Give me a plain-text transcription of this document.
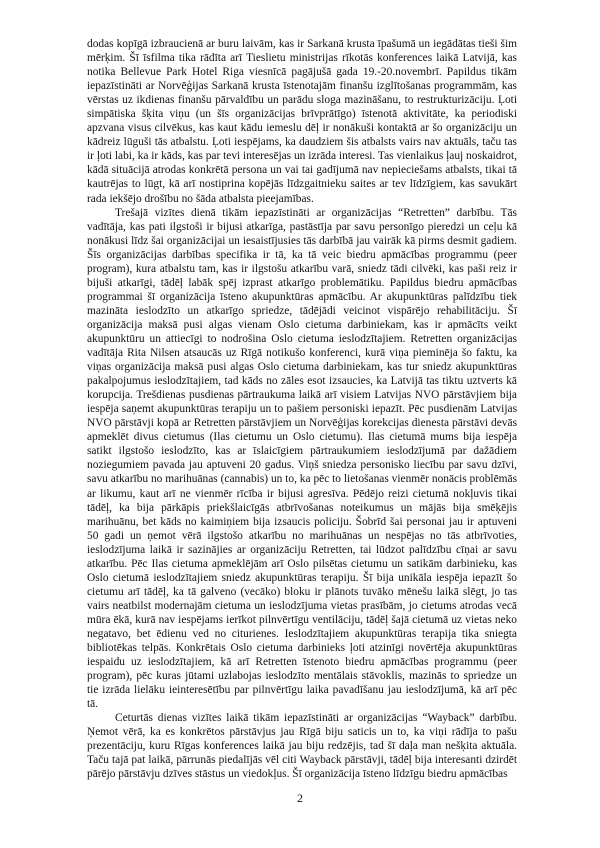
dodas kopīgā izbraucienā ar buru laivām, kas ir Sarkanā krusta īpašumā un iegādātas tieši šim mērķim. Šī īsfilma tika rādīta arī Tieslietu ministrijas rīkotās konferences laikā Latvijā, kas notika Bellevue Park Hotel Riga viesnīcā pagājušā gada 19.-20.novembrī. Papildus tikām iepazīstināti ar Norvēģijas Sarkanā krusta īstenotajām finanšu izglītošanas programmām, kas vērstas uz ikdienas finanšu pārvaldību un parādu sloga mazināšanu, to restrukturizāciju. Ļoti simpātiska šķita viņu (un šīs organizācijas brīvprātīgo) īstenotā aktivitāte, ka periodiski apzvana visus cilvēkus, kas kaut kādu iemeslu dēļ ir nonākuši kontaktā ar šo organizāciju un kādreiz lūguši tās atbalstu. Ļoti iespējams, ka daudziem šis atbalsts vairs nav aktuāls, taču tas ir ļoti labi, ka ir kāds, kas par tevi interesējas un izrāda interesi. Tas vienlaikus ļauj noskaidrot, kādā situācijā atrodas konkrētā persona un vai tai gadījumā nav nepieciešams atbalsts, tikai tā kautrējas to lūgt, kā arī nostiprina kopējās līdzgaitnieku saites ar tev līdzīgiem, kas savukārt rada iekšējo drošību no šāda atbalsta pieejamības.

Trešajā vizītes dienā tikām iepazīstināti ar organizācijas “Retretten” darbību. Tās vadītāja, kas pati ilgstoši ir bijusi atkarīga, pastāstīja par savu personīgo pieredzi un ceļu kā nonākusi līdz šai organizācijai un iesaistījusies tās darbībā jau vairāk kā pirms desmit gadiem. Šīs organizācijas darbības specifika ir tā, ka tā veic biedru apmācības programmu (peer program), kura atbalstu tam, kas ir ilgstošu atkarību varā, sniedz tādi cilvēki, kas paši reiz ir bijuši atkarīgi, tādēļ labāk spēj izprast atkarīgo problemātiku. Papildus biedru apmācības programmai šī organizācija īsteno akupunktūras apmācību. Ar akupunktūras palīdzību tiek mazināta ieslodzīto un atkarīgo spriedze, tādējādi veicinot vispārējo rehabilitāciju. Šī organizācija maksā pusi algas vienam Oslo cietuma darbiniekam, kas ir apmācīts veikt akupunktūru un attiecīgi to nodrošina Oslo cietuma ieslodzītajiem. Retretten organizācijas vadītāja Rita Nilsen atsaucās uz Rīgā notikušo konferenci, kurā viņa pieminēja šo faktu, ka viņas organizācija maksā pusi algas Oslo cietuma darbiniekam, kas tur sniedz akupunktūras pakalpojumus ieslodzītajiem, tad kāds no zāles esot izsaucies, ka Latvijā tas tiktu uztverts kā korupcija. Trešdienas pusdienas pārtraukuma laikā arī visiem Latvijas NVO pārstāvjiem bija iespēja saņemt akupunktūras terapiju un to pašiem personiski iepazīt. Pēc pusdienām Latvijas NVO pārstāvji kopā ar Retretten pārstāvjiem un Norvēģijas korekcijas dienesta pārstāvi devās apmeklēt divus cietumus (Ilas cietumu un Oslo cietumu). Ilas cietumā mums bija iespēja satikt ilgstošo ieslodzīto, kas ar īslaicīgiem pārtraukumiem ieslodzījumā par dažādiem noziegumiem pavada jau aptuveni 20 gadus. Viņš sniedza personisko liecību par savu dzīvi, savu atkarību no marihuānas (cannabis) un to, ka pēc to lietošanas vienmēr nonācis problēmās ar likumu, kaut arī ne vienmēr rīcība ir bijusi agresīva. Pēdējo reizi cietumā nokļuvis tikai tādēļ, ka bija pārkāpis priekšlaicīgās atbrīvošanas noteikumus un mājās bija smēķējis marihuānu, bet kāds no kaimiņiem bija izsaucis policiju. Šobrīd šai personai jau ir aptuveni 50 gadi un ņemot vērā ilgstošo atkarību no marihuānas un nespējas no tās atbrīvoties, ieslodzījuma laikā ir sazinājies ar organizāciju Retretten, tai lūdzot palīdzību cīņai ar savu atkarību. Pēc Ilas cietuma apmeklējām arī Oslo pilsētas cietumu un satikām darbinieku, kas Oslo cietumā ieslodzītajiem sniedz akupunktūras terapiju. Šī bija unikāla iespēja iepazīt šo cietumu arī tādēļ, ka tā galveno (vecāko) bloku ir plānots tuvāko mēnešu laikā slēgt, jo tas vairs neatbilst modernajām cietuma un ieslodzījuma vietas prasībām, jo cietums atrodas vecā mūra ēkā, kurā nav iespējams ierīkot pilnvērtīgu ventilāciju, tādēļ šajā cietumā uz vietas neko negatavo, bet ēdienu ved no citurienes. Ieslodzītajiem akupunktūras terapija tika sniegta bibliotēkas telpās. Konkrētais Oslo cietuma darbinieks ļoti atzinīgi novērtēja akupunktūras iespaidu uz ieslodzītajiem, kā arī Retretten īstenoto biedru apmācības programmu (peer program), pēc kuras jūtami uzlabojas ieslodzīto mentālais stāvoklis, mazinās to spriedze un tie izrāda lielāku ieinteresētību par pilnvērtīgu laika pavadīšanu jau ieslodzījumā, kā arī pēc tā.

Ceturtās dienas vizītes laikā tikām iepazīstināti ar organizācijas “Wayback” darbību. Ņemot vērā, ka es konkrētos pārstāvjus jau Rīgā biju saticis un to, ka viņi rādīja to pašu prezentāciju, kuru Rīgas konferences laikā jau biju redzējis, tad šī daļa man nešķita aktuāla. Taču tajā pat laikā, pārrunās piedalījās vēl citi Wayback pārstāvji, tādēļ bija interesanti dzirdēt pārējo pārstāvju dzīves stāstus un viedokļus. Šī organizācija īsteno līdzīgu biedru apmācības

2
